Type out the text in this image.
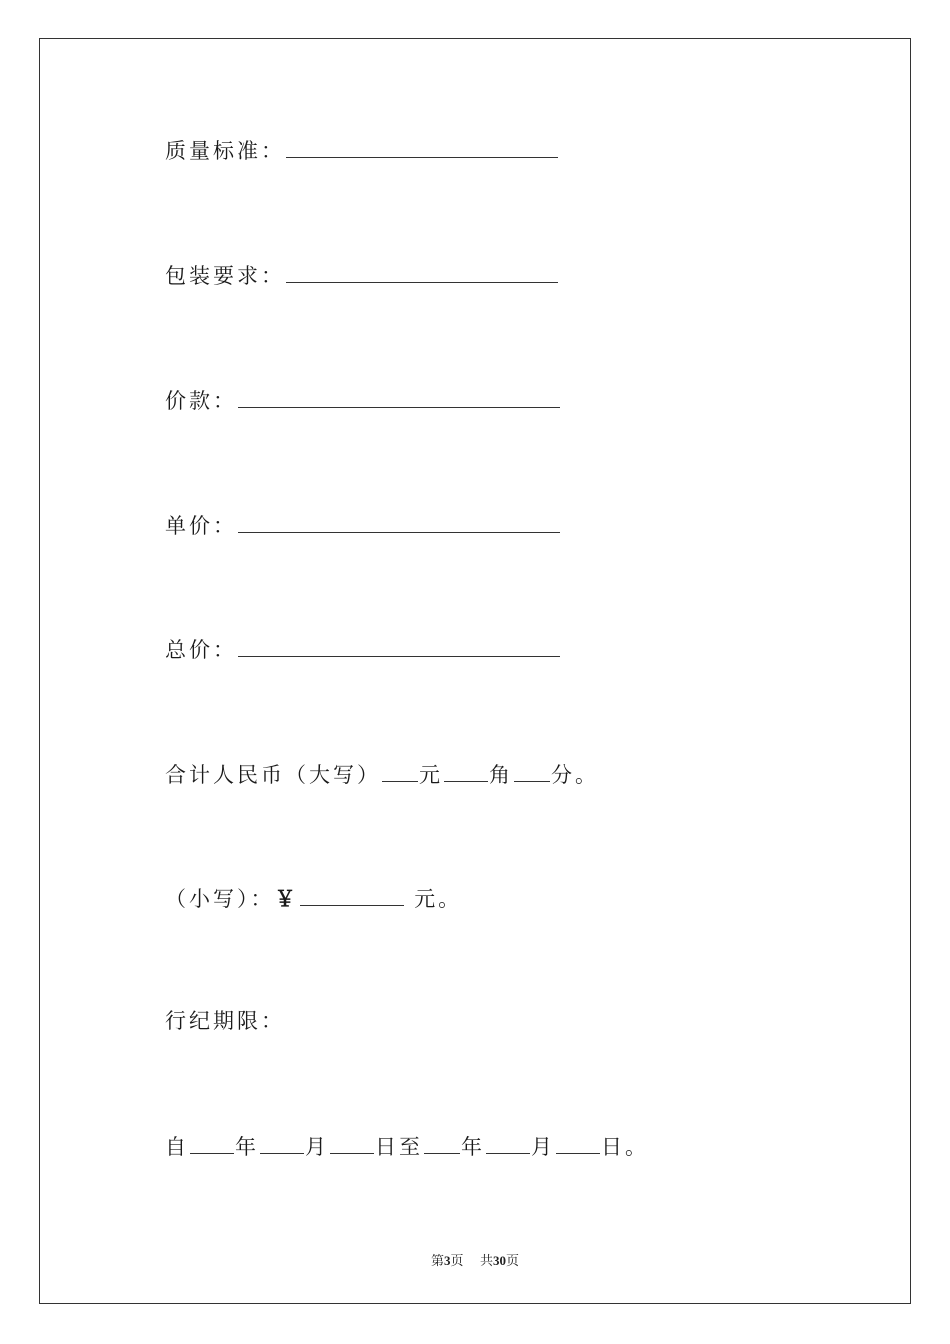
质量标准：
包装要求：
价款：
单价：
总价：
合计人民币（大写） 元 角 分。
（小写）：￥	元。
行纪期限：
自 年 月 日至 年 月 日。
第3页 共30页
